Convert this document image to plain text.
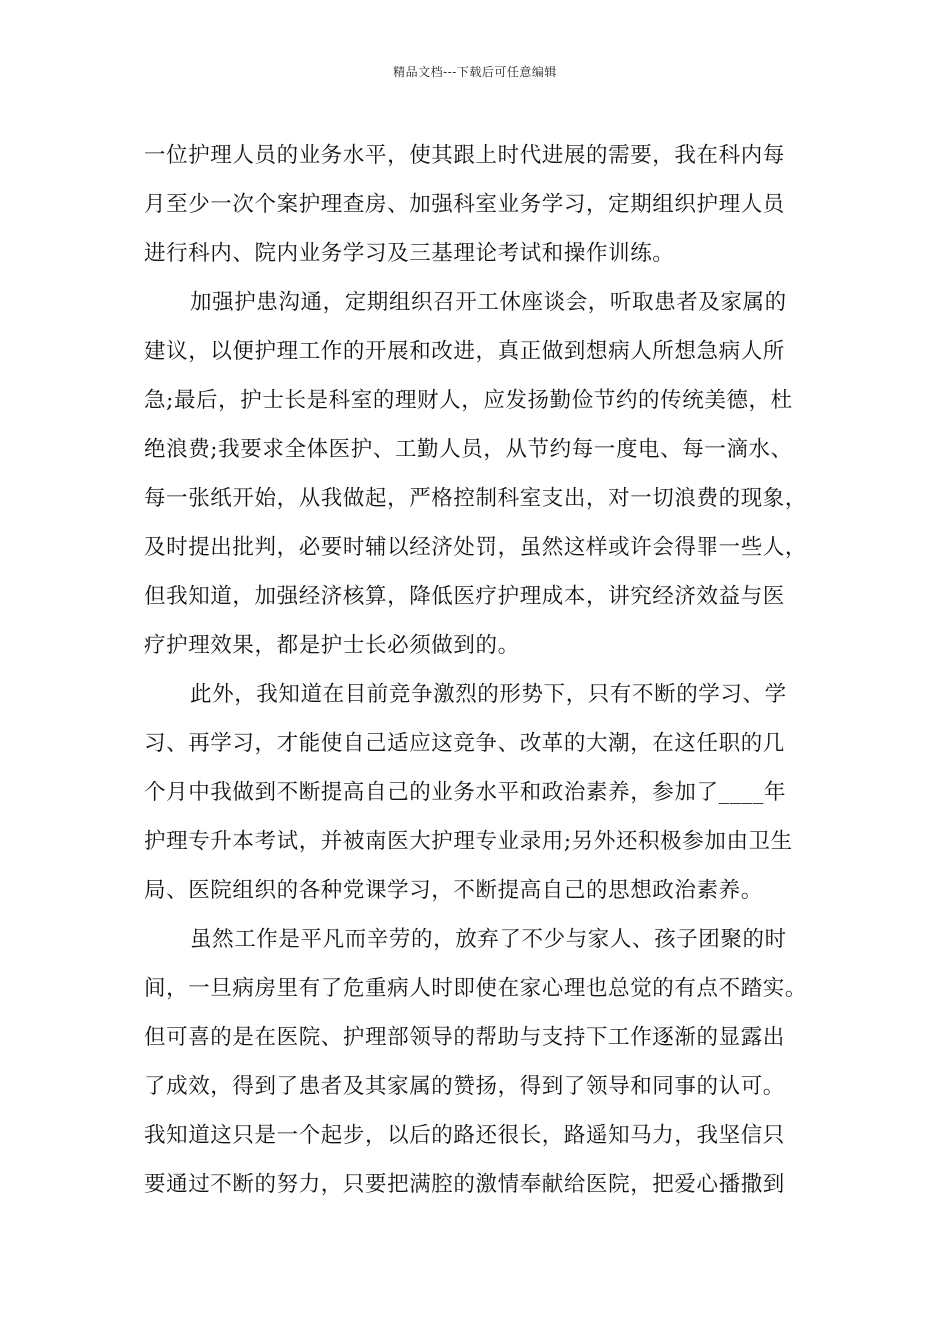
精品文档---下载后可任意编辑
一位护理人员的业务水平，使其跟上时代进展的需要，我在科内每
月至少一次个案护理查房、加强科室业务学习，定期组织护理人员
进行科内、院内业务学习及三基理论考试和操作训练。
加强护患沟通，定期组织召开工休座谈会，听取患者及家属的
建议，以便护理工作的开展和改进，真正做到想病人所想急病人所
急;最后，护士长是科室的理财人，应发扬勤俭节约的传统美德，杜
绝浪费;我要求全体医护、工勤人员，从节约每一度电、每一滴水、
每一张纸开始，从我做起，严格控制科室支出，对一切浪费的现象，
及时提出批判，必要时辅以经济处罚，虽然这样或许会得罪一些人，
但我知道，加强经济核算，降低医疗护理成本，讲究经济效益与医
疗护理效果，都是护士长必须做到的。
此外，我知道在目前竞争激烈的形势下，只有不断的学习、学
习、再学习，才能使自己适应这竞争、改革的大潮，在这任职的几
个月中我做到不断提高自己的业务水平和政治素养，参加了____年
护理专升本考试，并被南医大护理专业录用;另外还积极参加由卫生
局、医院组织的各种党课学习，不断提高自己的思想政治素养。
虽然工作是平凡而辛劳的，放弃了不少与家人、孩子团聚的时
间，一旦病房里有了危重病人时即使在家心理也总觉的有点不踏实。
但可喜的是在医院、护理部领导的帮助与支持下工作逐渐的显露出
了成效，得到了患者及其家属的赞扬，得到了领导和同事的认可。
我知道这只是一个起步，以后的路还很长，路遥知马力，我坚信只
要通过不断的努力，只要把满腔的激情奉献给医院，把爱心播撒到
